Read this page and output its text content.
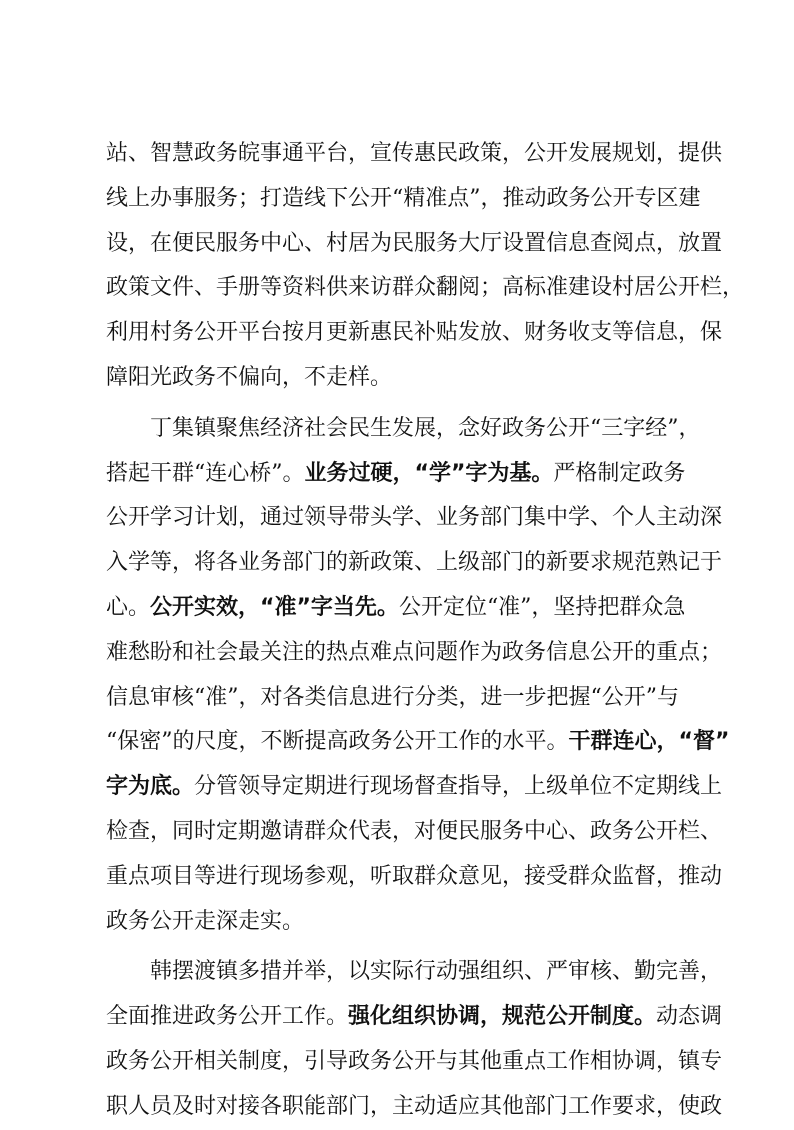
站、智慧政务皖事通平台，宣传惠民政策，公开发展规划，提供
线上办事服务；打造线下公开“精准点”，推动政务公开专区建
设，在便民服务中心、村居为民服务大厅设置信息查阅点，放置
政策文件、手册等资料供来访群众翻阅；高标准建设村居公开栏，
利用村务公开平台按月更新惠民补贴发放、财务收支等信息，保
障阳光政务不偏向，不走样。
丁集镇聚焦经济社会民生发展，念好政务公开“三字经”，
搭起干群“连心桥”。业务过硬，“学”字为基。严格制定政务
公开学习计划，通过领导带头学、业务部门集中学、个人主动深
入学等，将各业务部门的新政策、上级部门的新要求规范熟记于
心。公开实效，“准”字当先。公开定位“准”，坚持把群众急
难愁盼和社会最关注的热点难点问题作为政务信息公开的重点；
信息审核“准”，对各类信息进行分类，进一步把握“公开”与
“保密”的尺度，不断提高政务公开工作的水平。干群连心，“督”
字为底。分管领导定期进行现场督查指导，上级单位不定期线上
检查，同时定期邀请群众代表，对便民服务中心、政务公开栏、
重点项目等进行现场参观，听取群众意见，接受群众监督，推动
政务公开走深走实。
韩摆渡镇多措并举，以实际行动强组织、严审核、勤完善，
全面推进政务公开工作。强化组织协调，规范公开制度。动态调
政务公开相关制度，引导政务公开与其他重点工作相协调，镇专
职人员及时对接各职能部门，主动适应其他部门工作要求，使政
